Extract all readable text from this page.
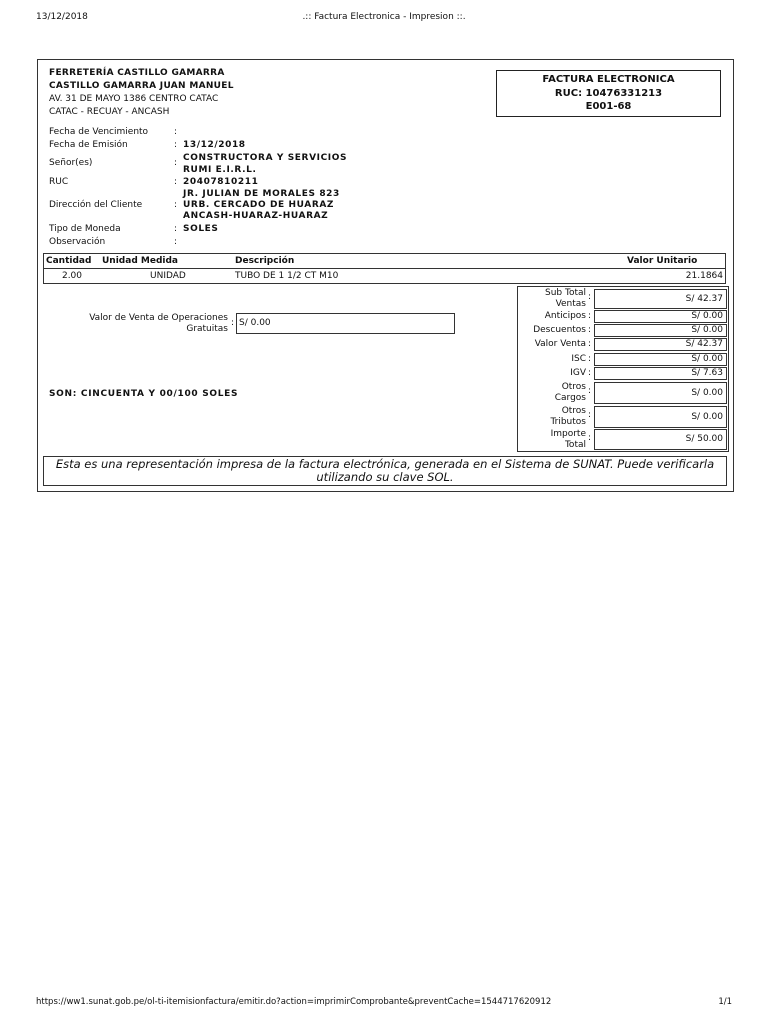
13/12/2018	.:: Factura Electronica - Impresion ::.
FERRETERÍA CASTILLO GAMARRA
CASTILLO GAMARRA JUAN MANUEL
AV. 31 DE MAYO 1386 CENTRO CATAC
CATAC - RECUAY - ANCASH
FACTURA ELECTRONICA
RUC: 10476331213
E001-68
Fecha de Vencimiento	:
Fecha de Emisión	: 13/12/2018
Señor(es)	: CONSTRUCTORA Y SERVICIOS
RUMI E.I.R.L.
RUC	: 20407810211
JR. JULIAN DE MORALES 823
Dirección del Cliente	: URB. CERCADO DE HUARAZ
ANCASH-HUARAZ-HUARAZ
Tipo de Moneda	: SOLES
Observación	:
Cantidad	Unidad Medida	Descripción	Valor Unitario
2.00	UNIDAD	TUBO DE 1 1/2 CT M10	21.1864
Valor de Venta de Operaciones
Gratuitas
: S/ 0.00
SON: CINCUENTA Y 00/100 SOLES
Sub Total
Ventas
:	S/ 42.37
Anticipos :	S/ 0.00
Descuentos :	S/ 0.00
Valor Venta :	S/ 42.37
ISC :	S/ 0.00
IGV :	S/ 7.63
Otros
Cargos
:	S/ 0.00
Otros
Tributos
:	S/ 0.00
Importe
Total
:	S/ 50.00
Esta es una representación impresa de la factura electrónica, generada en el Sistema de SUNAT. Puede verificarla utilizando su clave SOL.
https://ww1.sunat.gob.pe/ol-ti-itemisionfactura/emitir.do?action=imprimirComprobante&preventCache=1544717620912	1/1
